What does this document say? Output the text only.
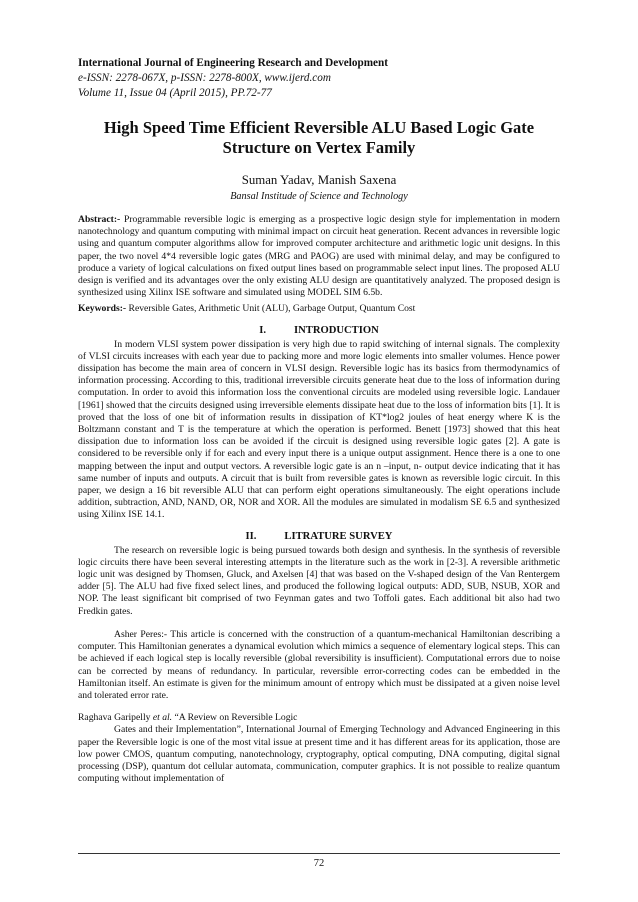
International Journal of Engineering Research and Development
e-ISSN: 2278-067X, p-ISSN: 2278-800X, www.ijerd.com
Volume 11, Issue 04 (April 2015), PP.72-77
High Speed Time Efficient Reversible ALU Based Logic Gate Structure on Vertex Family
Suman Yadav, Manish Saxena
Bansal Institude of Science and Technology

Abstract:- Programmable reversible logic is emerging as a prospective logic design style for implementation in modern nanotechnology and quantum computing with minimal impact on circuit heat generation. Recent advances in reversible logic using and quantum computer algorithms allow for improved computer architecture and arithmetic logic unit designs. In this paper, the two novel 4*4 reversible logic gates (MRG and PAOG) are used with minimal delay, and may be configured to produce a variety of logical calculations on fixed output lines based on programmable select input lines. The proposed ALU design is verified and its advantages over the only existing ALU design are quantitatively analyzed. The proposed design is synthesized using Xilinx ISE software and simulated using MODEL SIM 6.5b.

Keywords:- Reversible Gates, Arithmetic Unit (ALU), Garbage Output, Quantum Cost

I.	INTRODUCTION

In modern VLSI system power dissipation is very high due to rapid switching of internal signals. The complexity of VLSI circuits increases with each year due to packing more and more logic elements into smaller volumes. Hence power dissipation has become the main area of concern in VLSI design. Reversible logic has its basics from thermodynamics of information processing. According to this, traditional irreversible circuits generate heat due to the loss of information during computation. In order to avoid this information loss the conventional circuits are modeled using reversible logic. Landauer [1961] showed that the circuits designed using irreversible elements dissipate heat due to the loss of information bits [1]. It is proved that the loss of one bit of information results in dissipation of KT*log2 joules of heat energy where K is the Boltzmann constant and T is the temperature at which the operation is performed. Benett [1973] showed that this heat dissipation due to information loss can be avoided if the circuit is designed using reversible logic gates [2]. A gate is considered to be reversible only if for each and every input there is a unique output assignment. Hence there is a one to one mapping between the input and output vectors. A reversible logic gate is an n –input, n- output device indicating that it has same number of inputs and outputs. A circuit that is built from reversible gates is known as reversible logic circuit. In this paper, we design a 16 bit reversible ALU that can perform eight operations simultaneously. The eight operations include addition, subtraction, AND, NAND, OR, NOR and XOR. All the modules are simulated in modalism SE 6.5 and synthesized using Xilinx ISE 14.1.

II.	LITRATURE SURVEY

The research on reversible logic is being pursued towards both design and synthesis. In the synthesis of reversible logic circuits there have been several interesting attempts in the literature such as the work in [2-3]. A reversible arithmetic logic unit was designed by Thomsen, Gluck, and Axelsen [4] that was based on the V-shaped design of the Van Rentergem adder [5]. The ALU had five fixed select lines, and produced the following logical outputs: ADD, SUB, NSUB, XOR and NOP. The least significant bit comprised of two Feynman gates and two Toffoli gates. Each additional bit also had two Fredkin gates.

Asher Peres:- This article is concerned with the construction of a quantum-mechanical Hamiltonian describing a computer. This Hamiltonian generates a dynamical evolution which mimics a sequence of elementary logical steps. This can be achieved if each logical step is locally reversible (global reversibility is insufficient). Computational errors due to noise can be corrected by means of redundancy. In particular, reversible error-correcting codes can be embedded in the Hamiltonian itself. An estimate is given for the minimum amount of entropy which must be dissipated at a given noise level and tolerated error rate.

Raghava Garipelly et al. “A Review on Reversible Logic

Gates and their Implementation”, International Journal of Emerging Technology and Advanced Engineering in this paper the Reversible logic is one of the most vital issue at present time and it has different areas for its application, those are low power CMOS, quantum computing, nanotechnology, cryptography, optical computing, DNA computing, digital signal processing (DSP), quantum dot cellular automata, communication, computer graphics. It is not possible to realize quantum computing without implementation of

72
